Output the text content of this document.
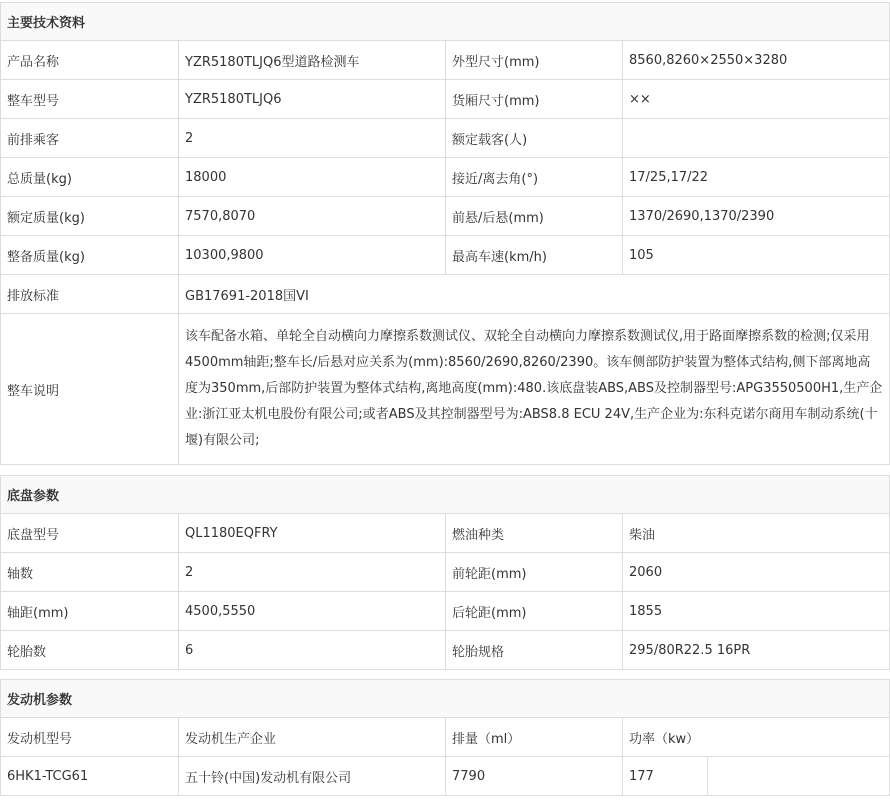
主要技术资料			
产品名称	YZR5180TLJQ6型道路检测车	外型尺寸(mm)	8560,8260×2550×3280
整车型号	YZR5180TLJQ6	货厢尺寸(mm)	××
前排乘客	2	额定载客(人)	
总质量(kg)	18000	接近/离去角(°)	17/25,17/22
额定质量(kg)	7570,8070	前悬/后悬(mm)	1370/2690,1370/2390
整备质量(kg)	10300,9800	最高车速(km/h)	105
排放标准	GB17691-2018国VI		
整车说明	该车配备水箱、单轮全自动横向力摩擦系数测试仪、双轮全自动横向力摩擦系数测试仪,用于路面摩擦系数的检测;仅采用4500mm轴距;整车长/后悬对应关系为(mm):8560/2690,8260/2390。该车侧部防护装置为整体式结构,侧下部离地高度为350mm,后部防护装置为整体式结构,离地高度(mm):480.该底盘装ABS,ABS及控制器型号:APG3550500H1,生产企业:浙江亚太机电股份有限公司;或者ABS及其控制器型号为:ABS8.8 ECU 24V,生产企业为:东科克诺尔商用车制动系统(十堰)有限公司;		
底盘参数			
底盘型号	QL1180EQFRY	燃油种类	柴油
轴数	2	前轮距(mm)	2060
轴距(mm)	4500,5550	后轮距(mm)	1855
轮胎数	6	轮胎规格	295/80R22.5 16PR
发动机参数			
发动机型号	发动机生产企业	排量（ml）	功率（kw）
6HK1-TCG61	五十铃(中国)发动机有限公司	7790	177
